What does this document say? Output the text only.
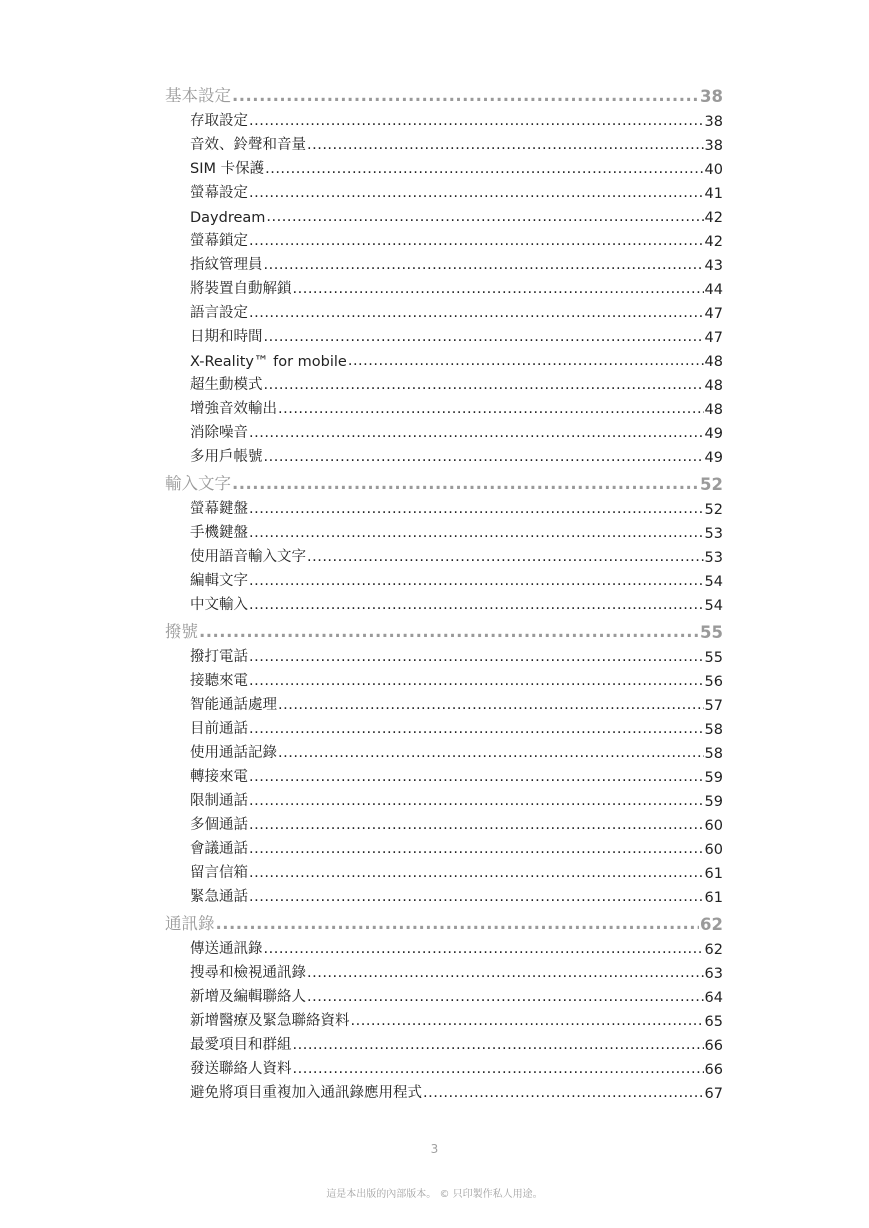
基本設定 .....	38
存取設定 .....	38
音效、鈴聲和音量 .....	38
SIM 卡保護 .....	40
螢幕設定 .....	41
Daydream .....	42
螢幕鎖定 .....	42
指紋管理員 .....	43
將裝置自動解鎖 .....	44
語言設定 .....	47
日期和時間 .....	47
X-Reality™ for mobile .....	48
超生動模式 .....	48
增強音效輸出 .....	48
消除噪音 .....	49
多用戶帳號 .....	49
輸入文字 .....	52
螢幕鍵盤 .....	52
手機鍵盤 .....	53
使用語音輸入文字 .....	53
編輯文字 .....	54
中文輸入 .....	54
撥號 .....	55
撥打電話 .....	55
接聽來電 .....	56
智能通話處理 .....	57
目前通話 .....	58
使用通話記錄 .....	58
轉接來電 .....	59
限制通話 .....	59
多個通話 .....	60
會議通話 .....	60
留言信箱 .....	61
緊急通話 .....	61
通訊錄 .....	62
傳送通訊錄 .....	62
搜尋和檢視通訊錄 .....	63
新增及編輯聯絡人 .....	64
新增醫療及緊急聯絡資料 .....	65
最愛項目和群組 .....	66
發送聯絡人資料 .....	66
避免將項目重複加入通訊錄應用程式 .....	67
3
這是本出版的內部版本。 © 只印製作私人用途。
